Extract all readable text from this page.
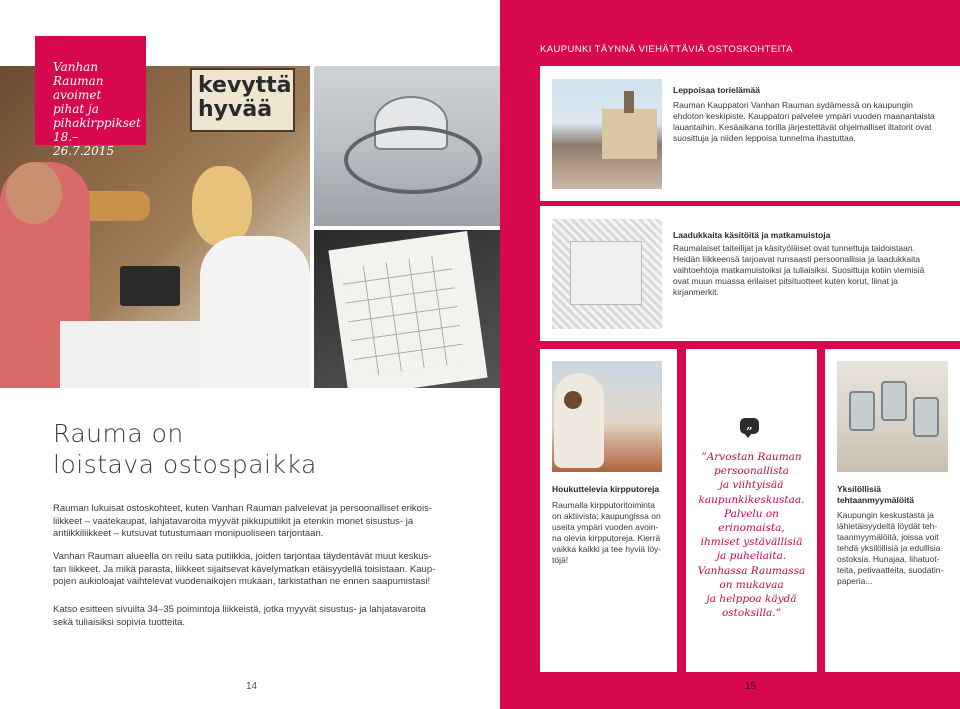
kevyttä
hyvää
Vanhan Rauman
avoimet pihat ja
pihakirppikset
18.–26.7.2015
Rauma on
loistava ostospaikka
Rauman lukuisat ostoskohteet, kuten Vanhan Rauman palvelevat ja persoonalliset erikois-
liikkeet – vaatekaupat, lahjatavaroita myyvät pikkuputiikit ja etenkin monet sisustus- ja
antiikkiliikkeet – kutsuvat tutustumaan monipuoliseen tarjontaan.
Vanhan Rauman alueella on reilu sata putiikkia, joiden tarjontaa täydentävät muut keskus-
tan liikkeet. Ja mikä parasta, liikkeet sijaitsevat kävelymatkan etäisyydellä toisistaan. Kaup-
pojen aukioloajat vaihtelevat vuodenaikojen mukaan, tarkistathan ne ennen saapumistasi!
Katso esitteen sivuilta 34–35 poimintoja liikkeistä, jotka myyvät sisustus- ja lahjatavaroita
sekä tuliaisiksi sopivia tuotteita.
14
KAUPUNKI TÄYNNÄ VIEHÄTTÄVIÄ OSTOSKOHTEITA
Leppoisaa torielämää
Rauman Kauppatori Vanhan Rauman sydämessä on kaupungin
ehdoton keskipiste. Kauppatori palvelee ympäri vuoden maanantaista
lauantaihin. Kesäaikana torilla järjestettävät ohjelmalliset iltatorit ovat
suosittuja ja niiden leppoisa tunnelma ihastuttaa.
Laadukkaita käsitöitä ja matkamuistoja
Raumalaiset taiteilijat ja käsityöläiset ovat tunnettuja taidoistaan.
Heidän liikkeensä tarjoavat runsaasti persoonallisia ja laadukkaita
vaihtoehtoja matkamuistoiksi ja tuliaisiksi. Suosittuja kotiin viemisiä
ovat muun muassa erilaiset pitsituotteet kuten korut, liinat ja
kirjanmerkit.
Houkuttelevia kirpputoreja
Raumalla kirpputoritoiminta
on aktiivista; kaupungissa on
useita ympäri vuoden avoin-
na olevia kirpputoreja. Kierrä
vaikka kaikki ja tee hyviä löy-
töjä!
„
”Arvostan Rauman
persoonallista
ja viihtyisää
kaupunkikeskustaa.
Palvelu on erinomaista,
ihmiset ystävällisiä
ja puheliaita.
Vanhassa Raumassa
on mukavaa
ja helppoa käydä
ostoksilla.”
Yksilöllisiä
tehtaanmyymälöitä
Kaupungin keskustasta ja
lähietäisyydeltä löydät teh-
taanmyymälöitä, joissa voit
tehdä yksilöllisiä ja edullisia
ostoksia. Hunajaa, lihatuot-
teita, petivaatteita, suodatin-
paperia...
15
